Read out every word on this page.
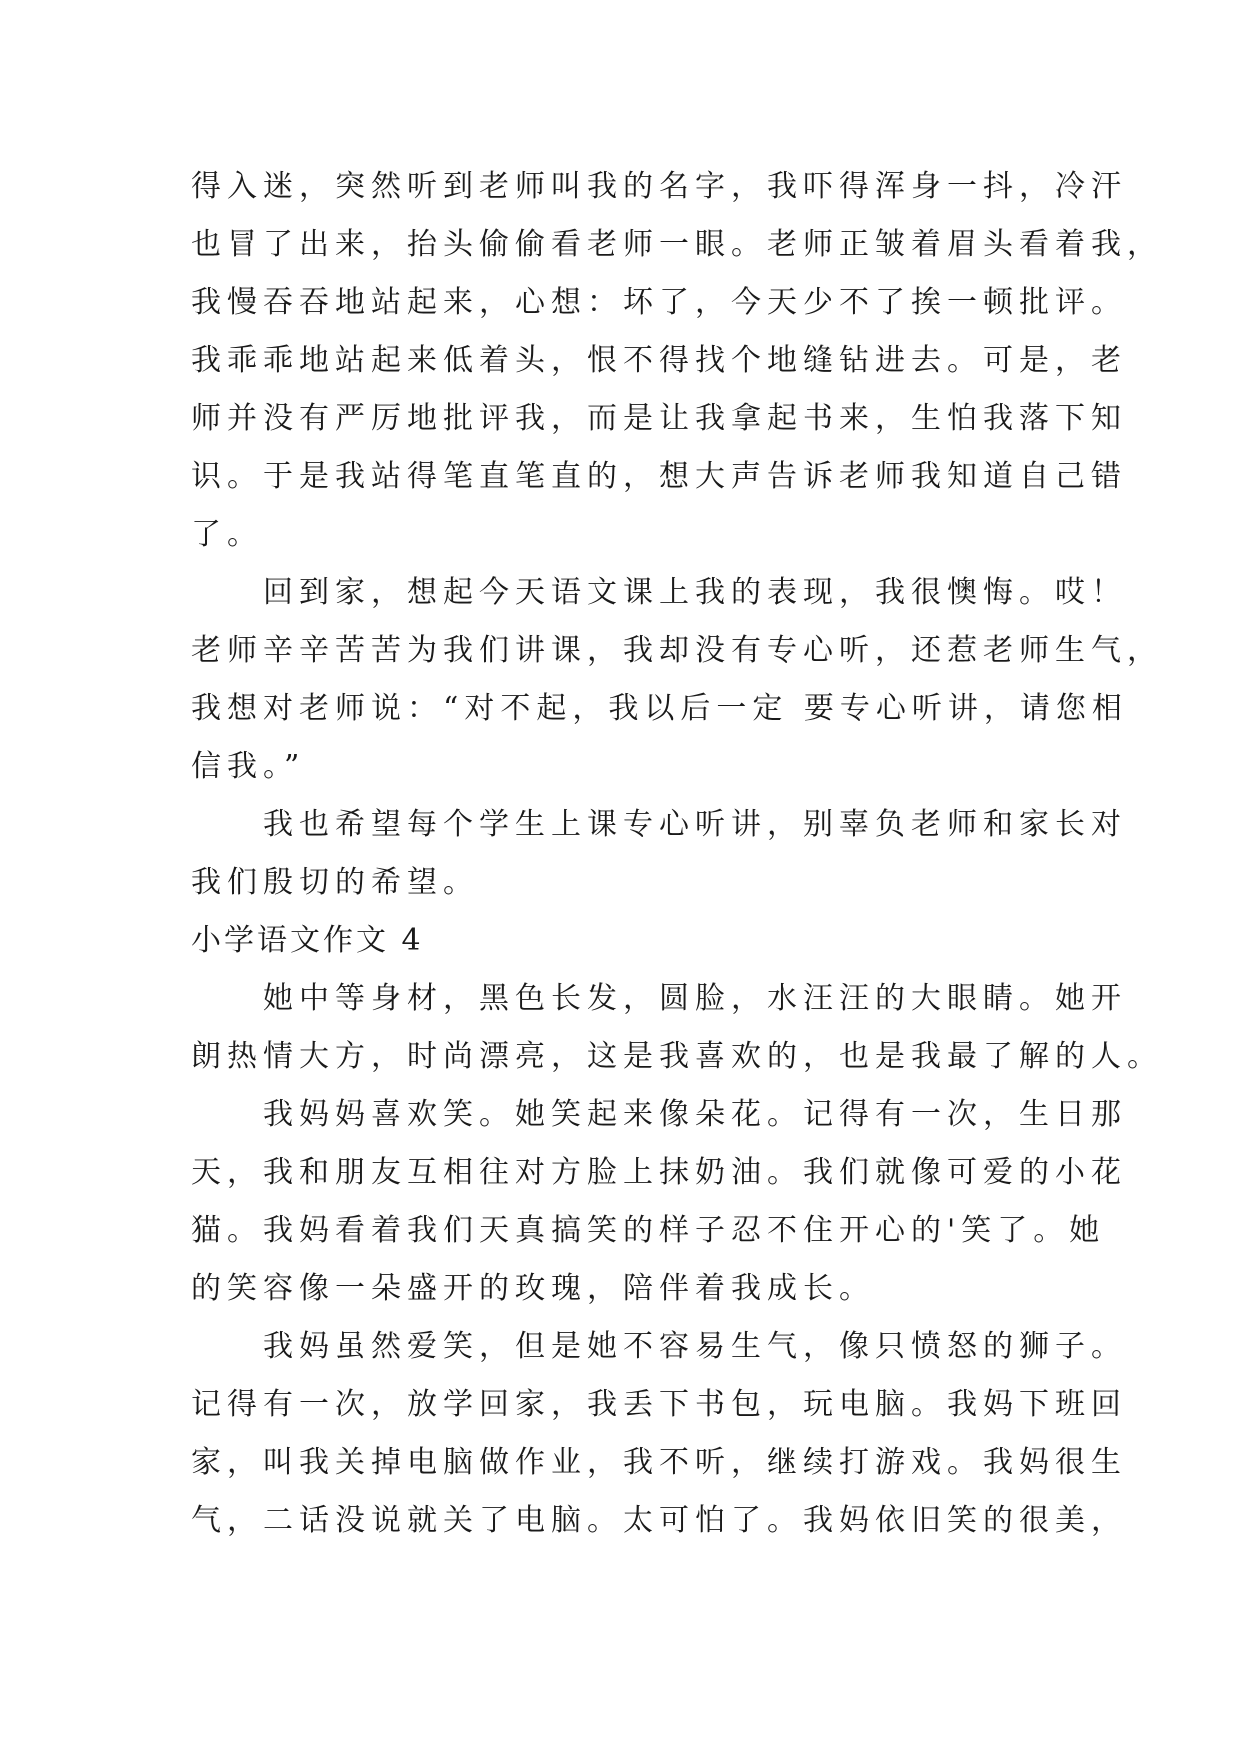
得入迷，突然听到老师叫我的名字，我吓得浑身一抖，冷汗
也冒了出来，抬头偷偷看老师一眼。老师正皱着眉头看着我，
我慢吞吞地站起来，心想：坏了，今天少不了挨一顿批评。
我乖乖地站起来低着头，恨不得找个地缝钻进去。可是，老
师并没有严厉地批评我，而是让我拿起书来，生怕我落下知
识。于是我站得笔直笔直的，想大声告诉老师我知道自己错
了。
　　回到家，想起今天语文课上我的表现，我很懊悔。哎！
老师辛辛苦苦为我们讲课，我却没有专心听，还惹老师生气，
我想对老师说：“对不起，我以后一定 要专心听讲，请您相
信我。”
　　我也希望每个学生上课专心听讲，别辜负老师和家长对
我们殷切的希望。
小学语文作文 4
　　她中等身材，黑色长发，圆脸，水汪汪的大眼睛。她开
朗热情大方，时尚漂亮，这是我喜欢的，也是我最了解的人。
　　我妈妈喜欢笑。她笑起来像朵花。记得有一次，生日那
天，我和朋友互相往对方脸上抹奶油。我们就像可爱的小花
猫。我妈看着我们天真搞笑的样子忍不住开心的'笑了。她
的笑容像一朵盛开的玫瑰，陪伴着我成长。
　　我妈虽然爱笑，但是她不容易生气，像只愤怒的狮子。
记得有一次，放学回家，我丢下书包，玩电脑。我妈下班回
家，叫我关掉电脑做作业，我不听，继续打游戏。我妈很生
气，二话没说就关了电脑。太可怕了。我妈依旧笑的很美，
